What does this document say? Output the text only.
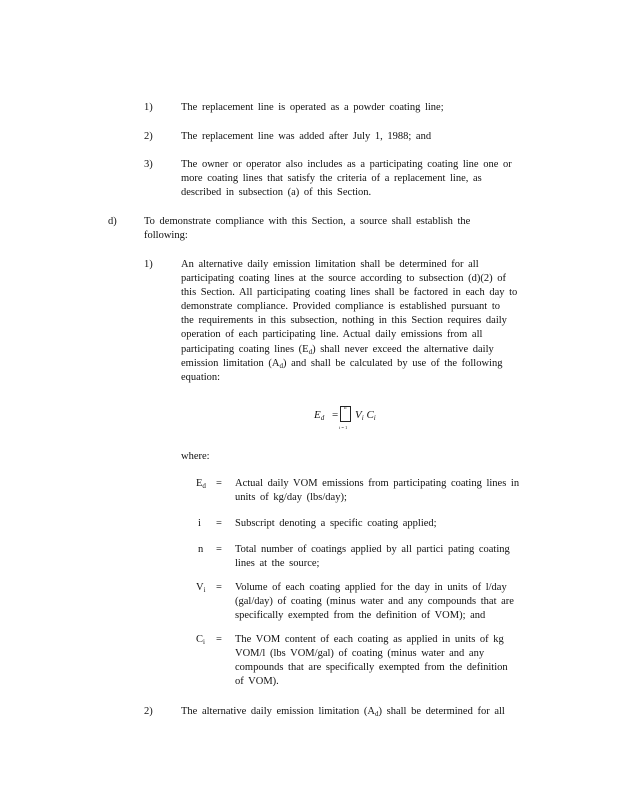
1)	The replacement line is operated as a powder coating line;
2)	The replacement line was added after July 1, 1988; and
3)	The owner or operator also includes as a participating coating line one or
more coating lines that satisfy the criteria of a replacement line, as
described in subsection (a) of this Section.
d)	To demonstrate compliance with this Section, a source shall establish the
following:
1)	An alternative daily emission limitation shall be determined for all
participating coating lines at the source according to subsection (d)(2) of
this Section. All participating coating lines shall be factored in each day to
demonstrate compliance. Provided compliance is established pursuant to
the requirements in this subsection, nothing in this Section requires daily
operation of each participating line. Actual daily emissions from all
participating coating lines $(E_d)$ shall never exceed the alternative daily
emission limitation $(A_d)$ and shall be calculated by use of the following
equation:
$E_d$ =
n
i = 1
$V_i$ $C_i$
where:
$E_d$ = Actual daily VOM emissions from participating coating lines in
units of kg/day (lbs/day);
i = Subscript denoting a specific coating applied;
n = Total number of coatings applied by all partici pating coating
lines at the source;
$V_i$ = Volume of each coating applied for the day in units of l/day
(gal/day) of coating (minus water and any compounds that are
specifically exempted from the definition of VOM); and
$C_i$ = The VOM content of each coating as applied in units of kg
VOM/l (lbs VOM/gal) of coating (minus water and any
compounds that are specifically exempted from the definition
of VOM).
2)	The alternative daily emission limitation $(A_d)$ shall be determined for all
